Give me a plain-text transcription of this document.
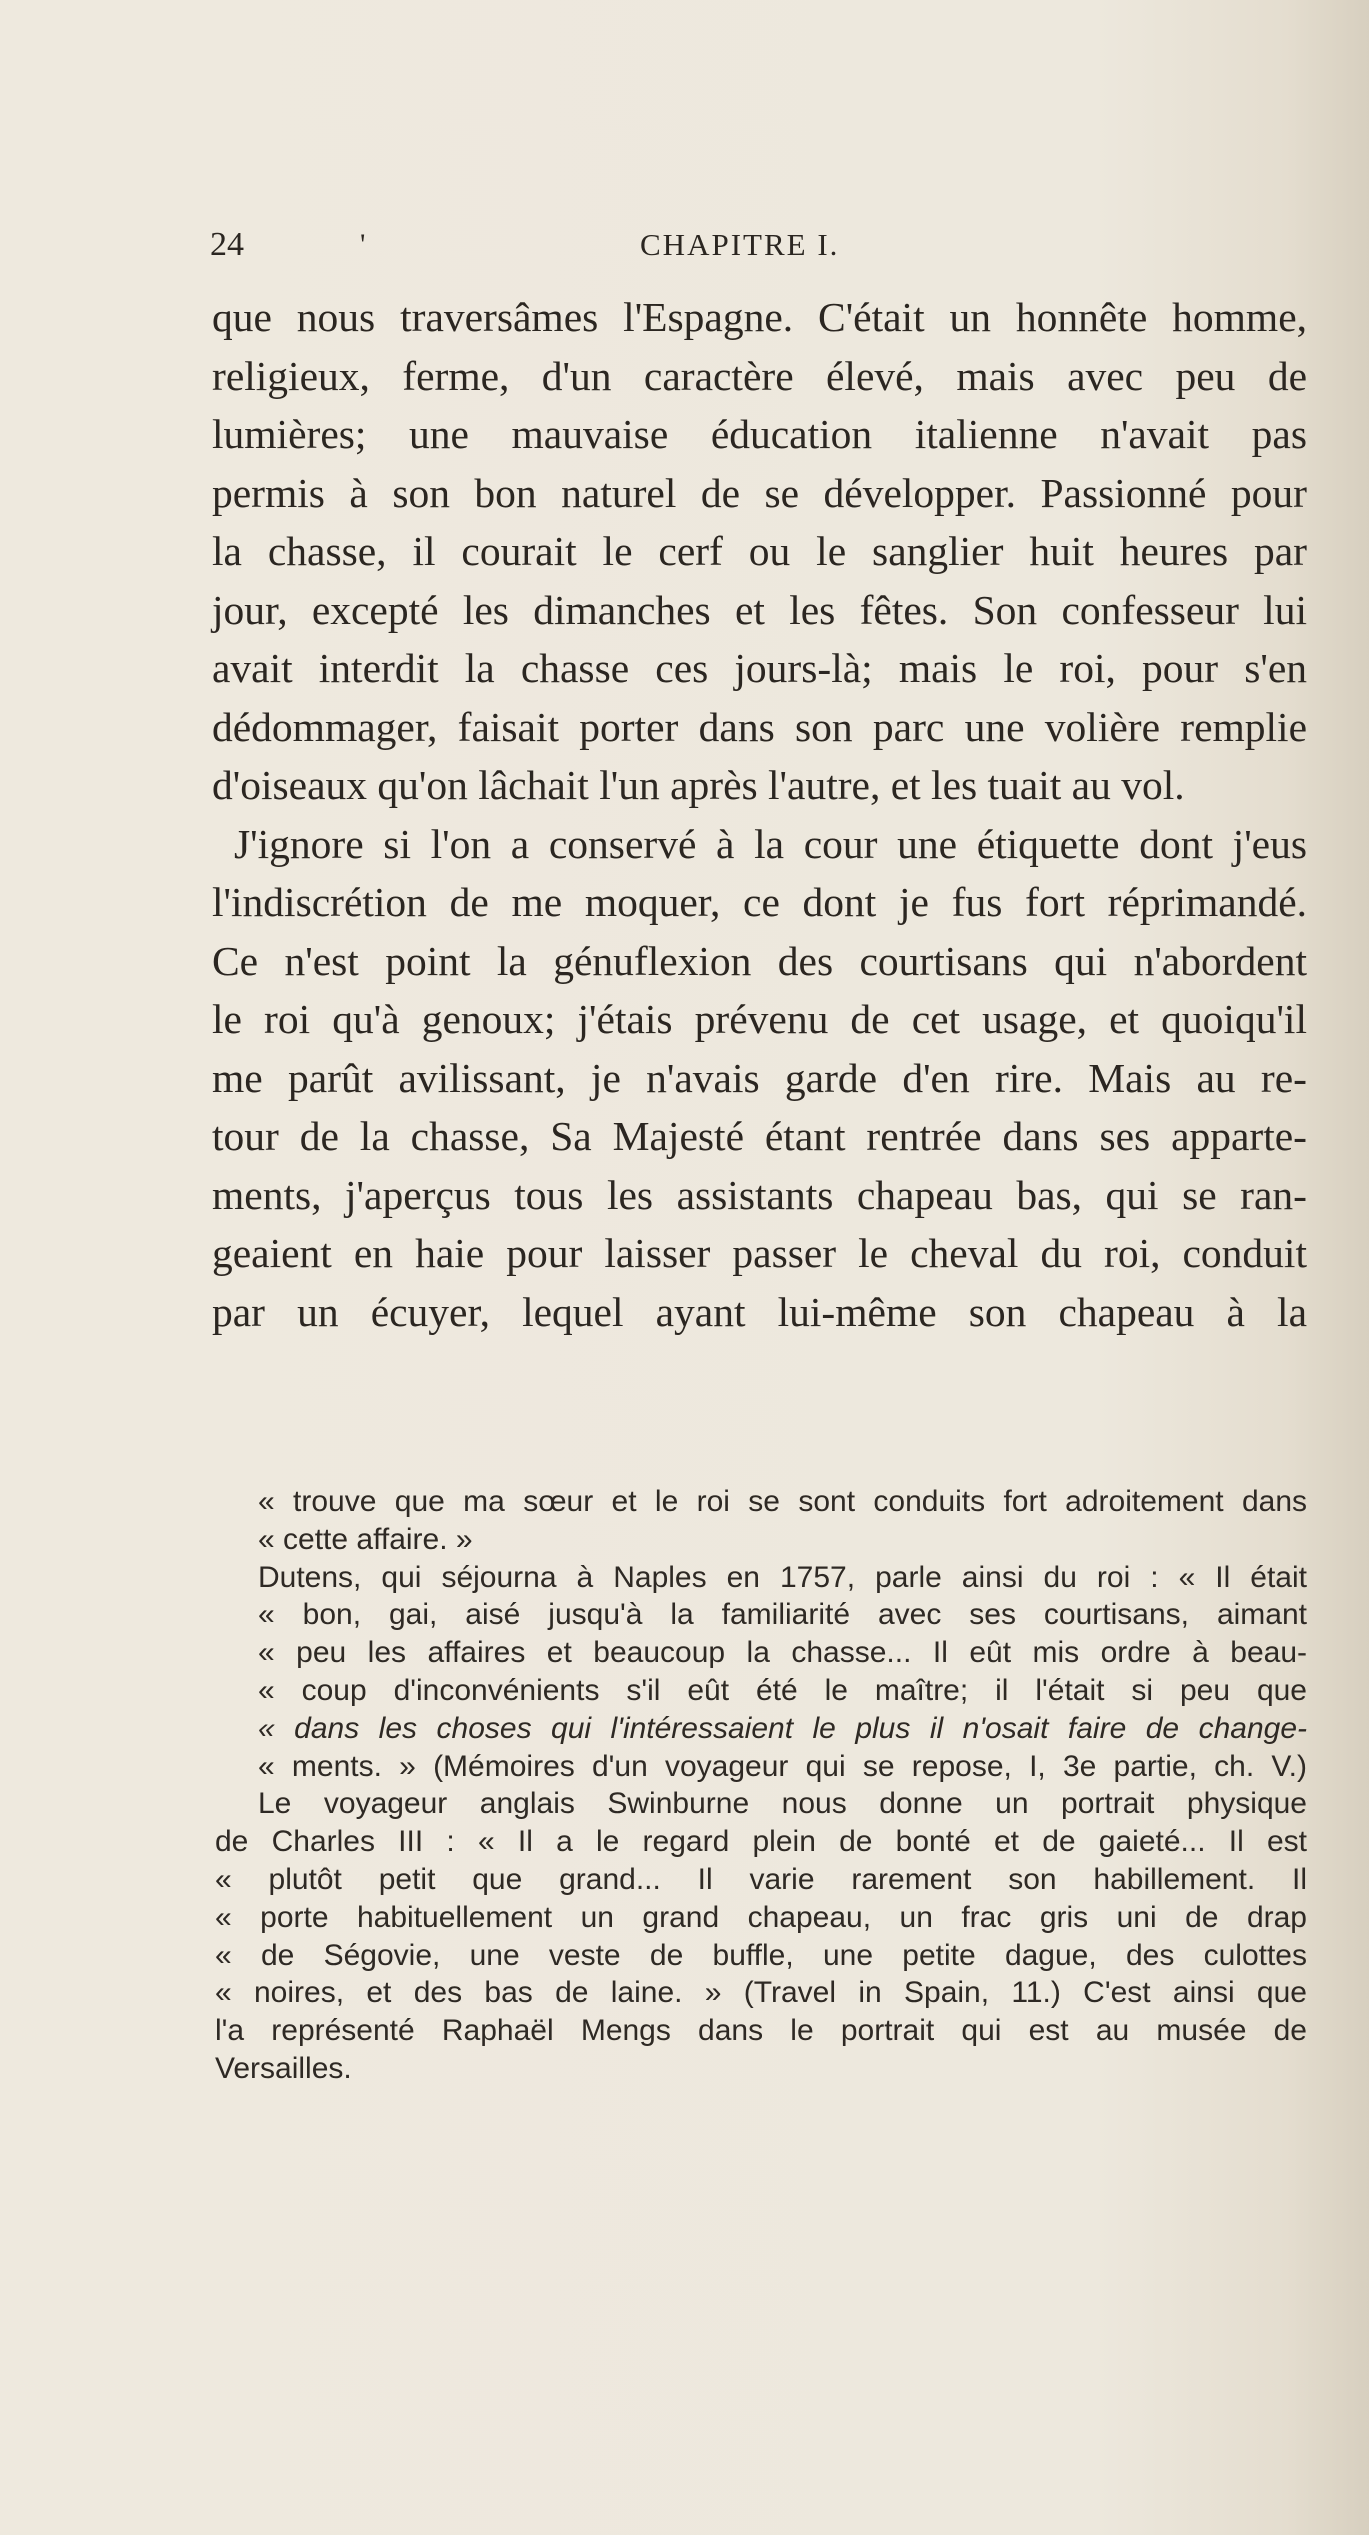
24	'	CHAPITRE I.
que nous traversâmes l'Espagne. C'était un honnête homme,
religieux, ferme, d'un caractère élevé, mais avec peu de
lumières; une mauvaise éducation italienne n'avait pas
permis à son bon naturel de se développer. Passionné pour
la chasse, il courait le cerf ou le sanglier huit heures par
jour, excepté les dimanches et les fêtes. Son confesseur lui
avait interdit la chasse ces jours-là; mais le roi, pour s'en
dédommager, faisait porter dans son parc une volière remplie
d'oiseaux qu'on lâchait l'un après l'autre, et les tuait au vol.
J'ignore si l'on a conservé à la cour une étiquette dont j'eus
l'indiscrétion de me moquer, ce dont je fus fort réprimandé.
Ce n'est point la génuflexion des courtisans qui n'abordent
le roi qu'à genoux; j'étais prévenu de cet usage, et quoiqu'il
me parût avilissant, je n'avais garde d'en rire. Mais au re-
tour de la chasse, Sa Majesté étant rentrée dans ses apparte-
ments, j'aperçus tous les assistants chapeau bas, qui se ran-
geaient en haie pour laisser passer le cheval du roi, conduit
par un écuyer, lequel ayant lui-même son chapeau à la
« trouve que ma sœur et le roi se sont conduits fort adroitement dans
« cette affaire. »
Dutens, qui séjourna à Naples en 1757, parle ainsi du roi : « Il était
« bon, gai, aisé jusqu'à la familiarité avec ses courtisans, aimant
« peu les affaires et beaucoup la chasse... Il eût mis ordre à beau-
« coup d'inconvénients s'il eût été le maître; il l'était si peu que
« dans les choses qui l'intéressaient le plus il n'osait faire de change-
« ments. » (Mémoires d'un voyageur qui se repose, I, 3e partie, ch. V.)
Le voyageur anglais Swinburne nous donne un portrait physique
de Charles III : « Il a le regard plein de bonté et de gaieté... Il est
« plutôt petit que grand... Il varie rarement son habillement. Il
« porte habituellement un grand chapeau, un frac gris uni de drap
« de Ségovie, une veste de buffle, une petite dague, des culottes
« noires, et des bas de laine. » (Travel in Spain, 11.) C'est ainsi que
l'a représenté Raphaël Mengs dans le portrait qui est au musée de
Versailles.
